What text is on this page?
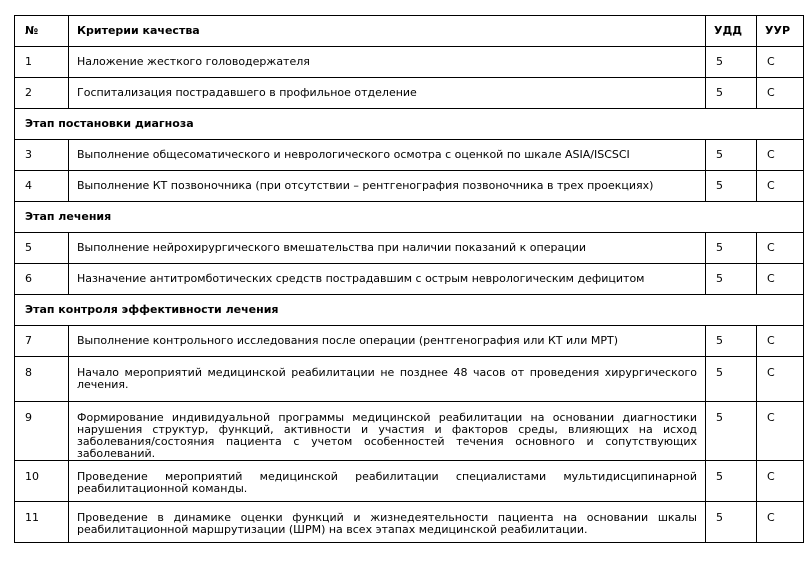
№	Критерии качества	УДД	УУР
1	Наложение жесткого головодержателя	5	C
2	Госпитализация пострадавшего в профильное отделение	5	C
Этап постановки диагноза			
3	Выполнение общесоматического и неврологического осмотра с оценкой по шкале ASIA/ISCSCI	5	C
4	Выполнение КТ позвоночника (при отсутствии – рентгенография позвоночника в трех проекциях)	5	C
Этап лечения			
5	Выполнение нейрохирургического вмешательства при наличии показаний к операции	5	C
6	Назначение антитромботических средств пострадавшим с острым неврологическим дефицитом	5	C
Этап контроля эффективности лечения			
7	Выполнение контрольного исследования после операции (рентгенография или КТ или МРТ)	5	C
8	Начало мероприятий медицинской реабилитации не позднее 48 часов от проведения хирургического лечения.	5	C
9	Формирование индивидуальной программы медицинской реабилитации на основании диагностики нарушения структур, функций, активности и участия и факторов среды, влияющих на исход заболевания/состояния пациента с учетом особенностей течения основного и сопутствующих заболеваний.	5	C
10	Проведение мероприятий медицинской реабилитации специалистами мультидисципинарной реабилитационной команды.	5	C
11	Проведение в динамике оценки функций и жизнедеятельности пациента на основании шкалы реабилитационной маршрутизации (ШРМ) на всех этапах медицинской реабилитации.	5	C
